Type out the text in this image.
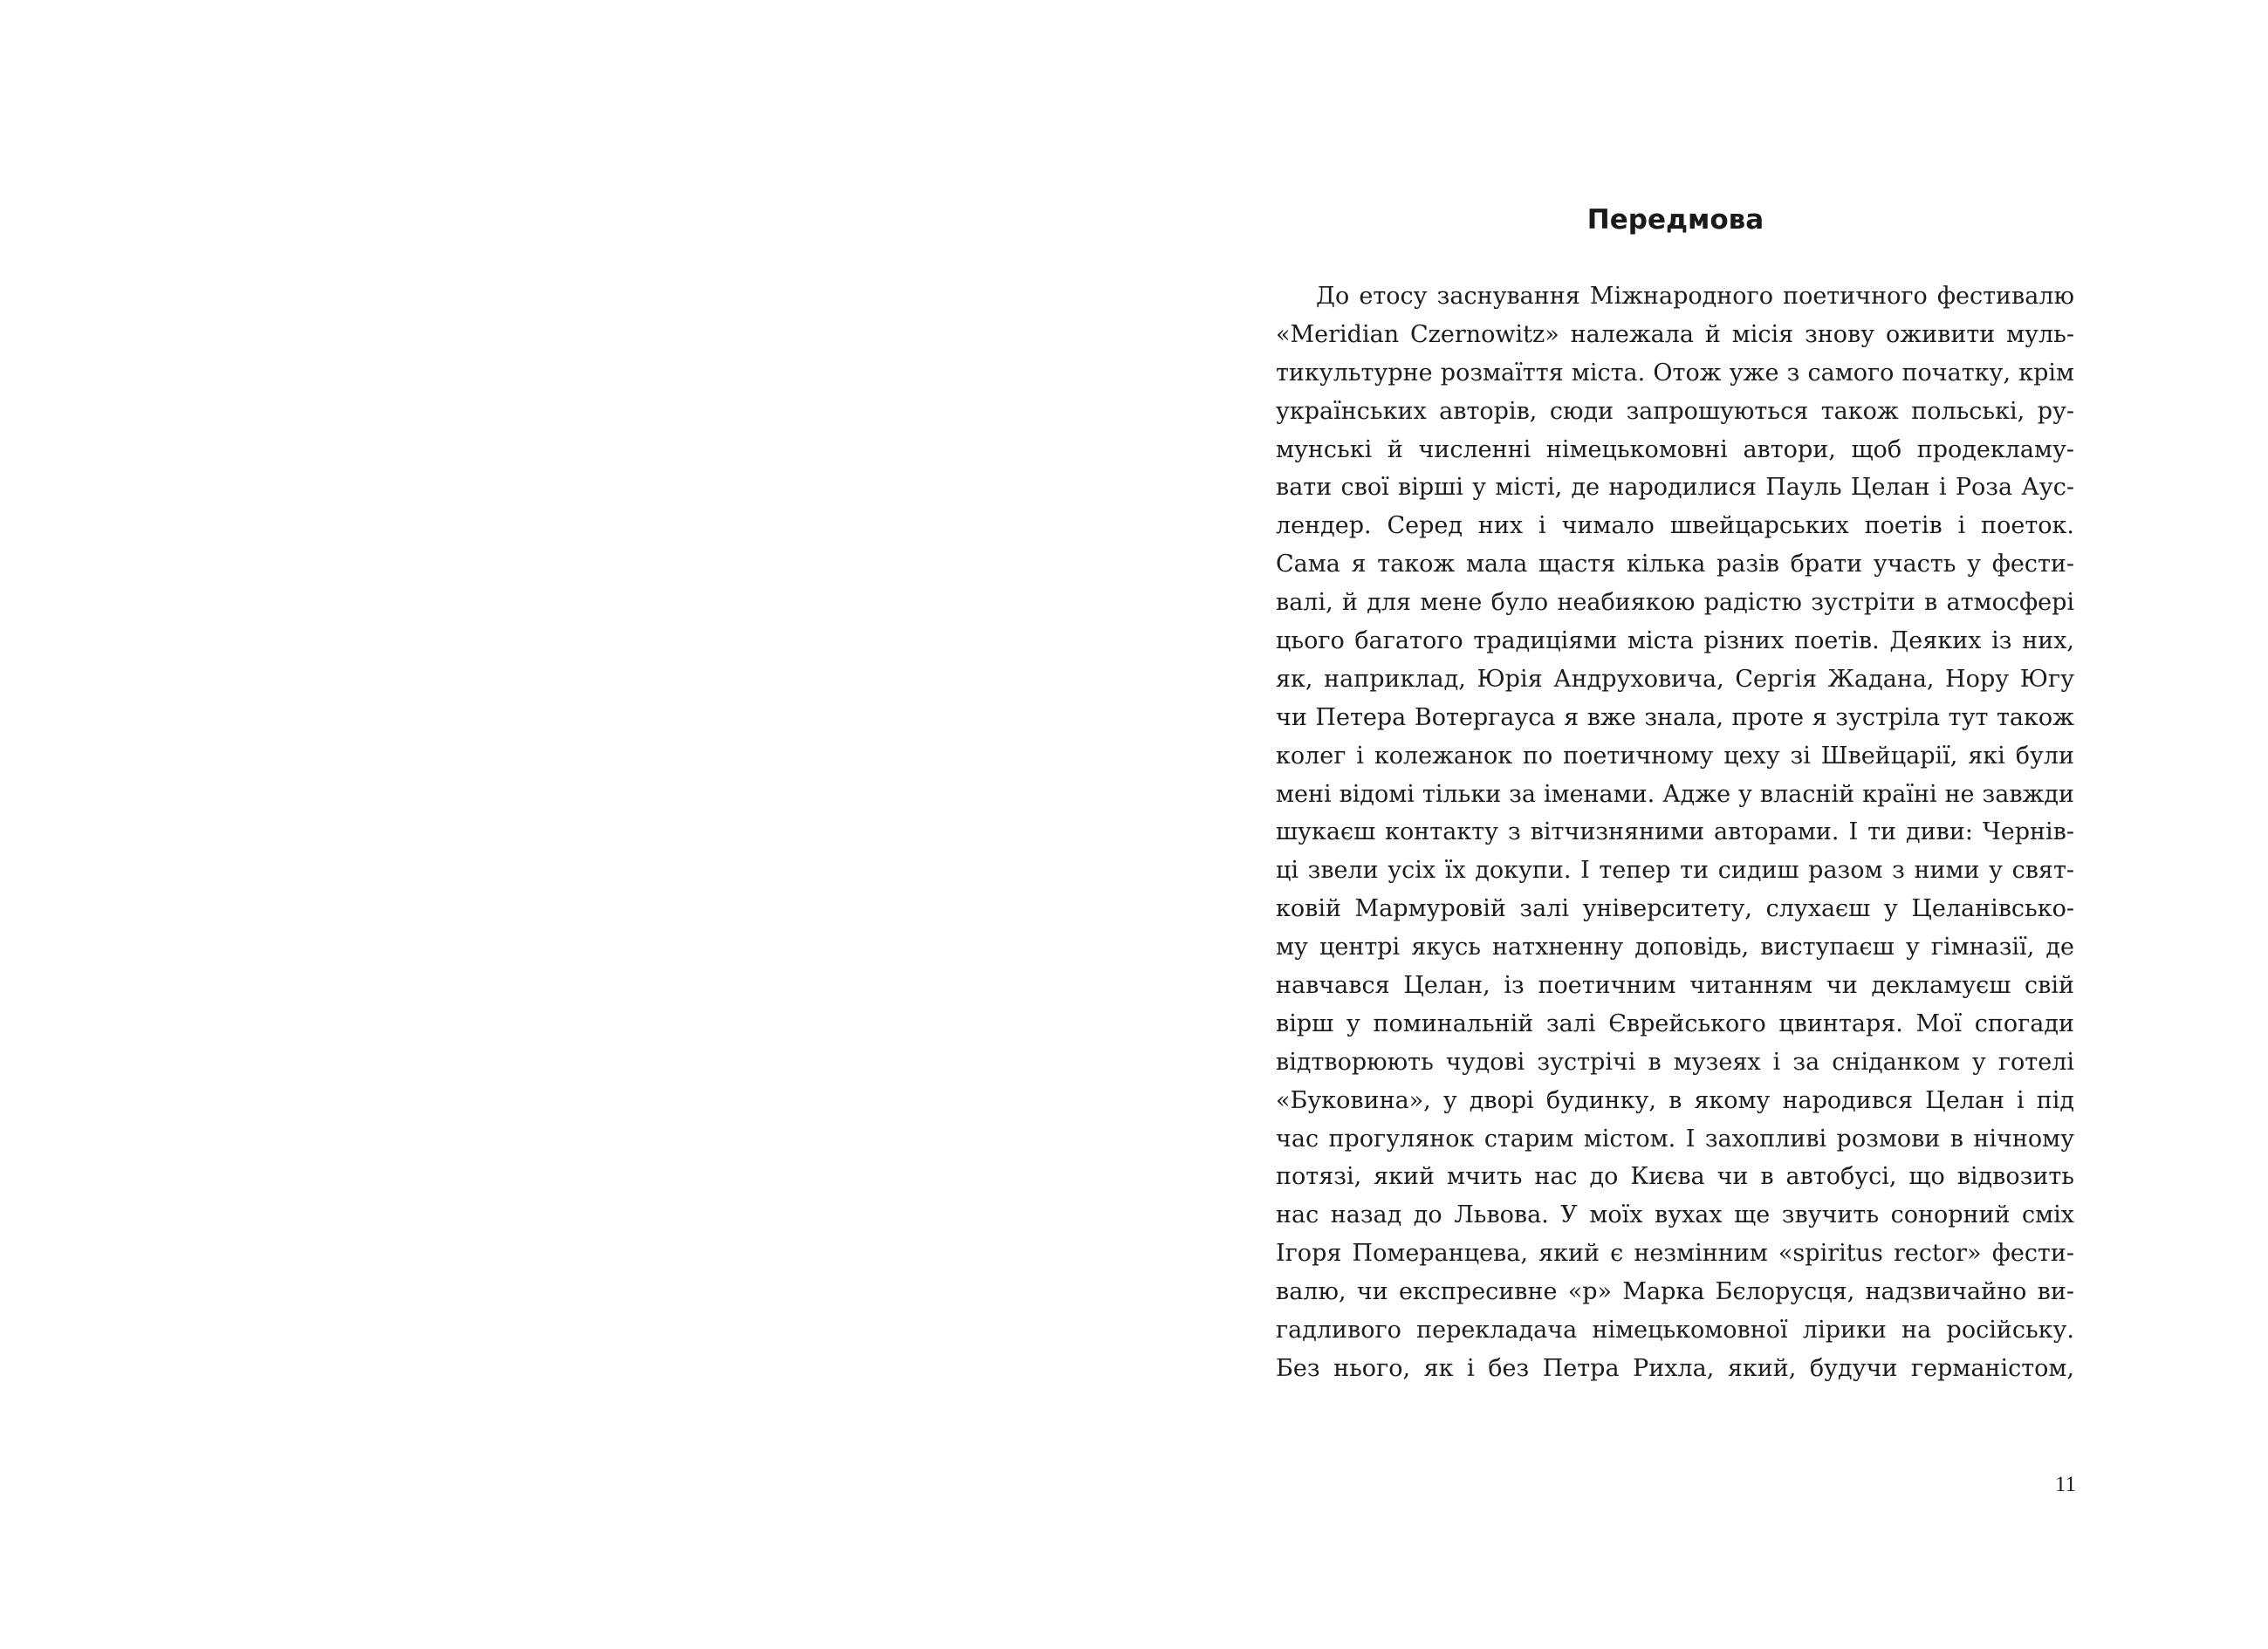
Передмова
До етосу заснування Міжнародного поетичного фестивалю
«Meridian Czernowitz» належала й місія знову оживити муль-
тикультурне розмаїття міста. Отож уже з самого початку, крім
українських авторів, сюди запрошуються також польські, ру-
мунські й численні німецькомовні автори, щоб продекламу-
вати свої вірші у місті, де народилися Пауль Целан і Роза Аус-
лендер. Серед них і чимало швейцарських поетів і поеток.
Сама я також мала щастя кілька разів брати участь у фести-
валі, й для мене було неабиякою радістю зустріти в атмосфері
цього багатого традиціями міста різних поетів. Деяких із них,
як, наприклад, Юрія Андруховича, Сергія Жадана, Нору Югу
чи Петера Вотергауса я вже знала, проте я зустріла тут також
колег і колежанок по поетичному цеху зі Швейцарії, які були
мені відомі тільки за іменами. Адже у власній країні не завжди
шукаєш контакту з вітчизняними авторами. І ти диви: Чернів-
ці звели усіх їх докупи. І тепер ти сидиш разом з ними у свят-
ковій Мармуровій залі університету, слухаєш у Целанівсько-
му центрі якусь натхненну доповідь, виступаєш у гімназії, де
навчався Целан, із поетичним читанням чи декламуєш свій
вірш у поминальній залі Єврейського цвинтаря. Мої спогади
відтворюють чудові зустрічі в музеях і за сніданком у готелі
«Буковина», у дворі будинку, в якому народився Целан і під
час прогулянок старим містом. І захопливі розмови в нічному
потязі, який мчить нас до Києва чи в автобусі, що відвозить
нас назад до Львова. У моїх вухах ще звучить сонорний сміх
Ігоря Померанцева, який є незмінним «spiritus rector» фести-
валю, чи експресивне «р» Марка Бєлорусця, надзвичайно ви-
гадливого перекладача німецькомовної лірики на російську.
Без нього, як і без Петра Рихла, який, будучи германістом,
11
